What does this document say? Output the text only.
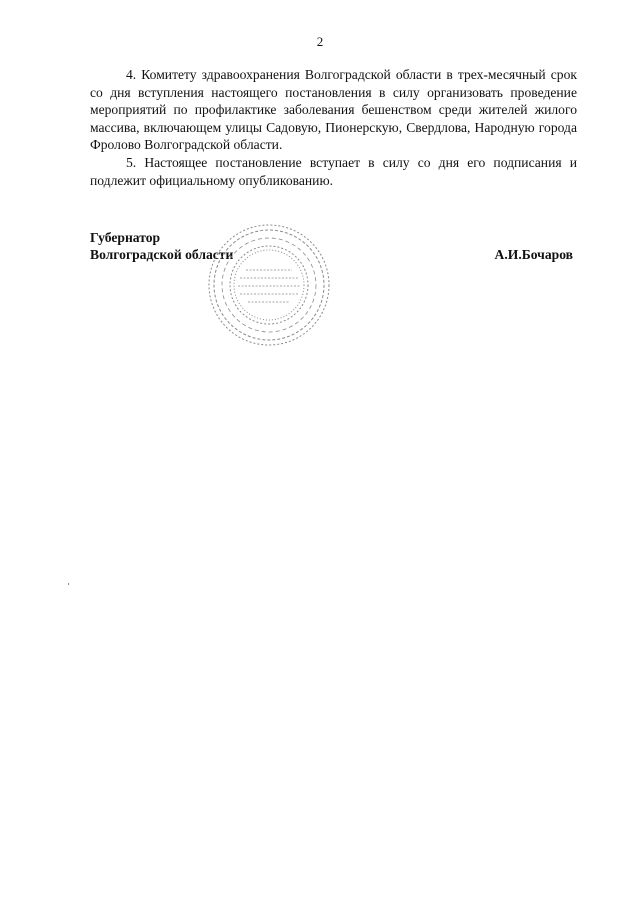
2

4. Комитету здравоохранения Волгоградской области в трех-месячный срок со дня вступления настоящего постановления в силу организовать проведение мероприятий по профилактике заболевания бешенством среди жителей жилого массива, включающем улицы Садовую, Пионерскую, Свердлова, Народную города Фролово Волгоградской области.

5. Настоящее постановление вступает в силу со дня его подписания и подлежит официальному опубликованию.

Губернатор
Волгоградской области	А.И.Бочаров
